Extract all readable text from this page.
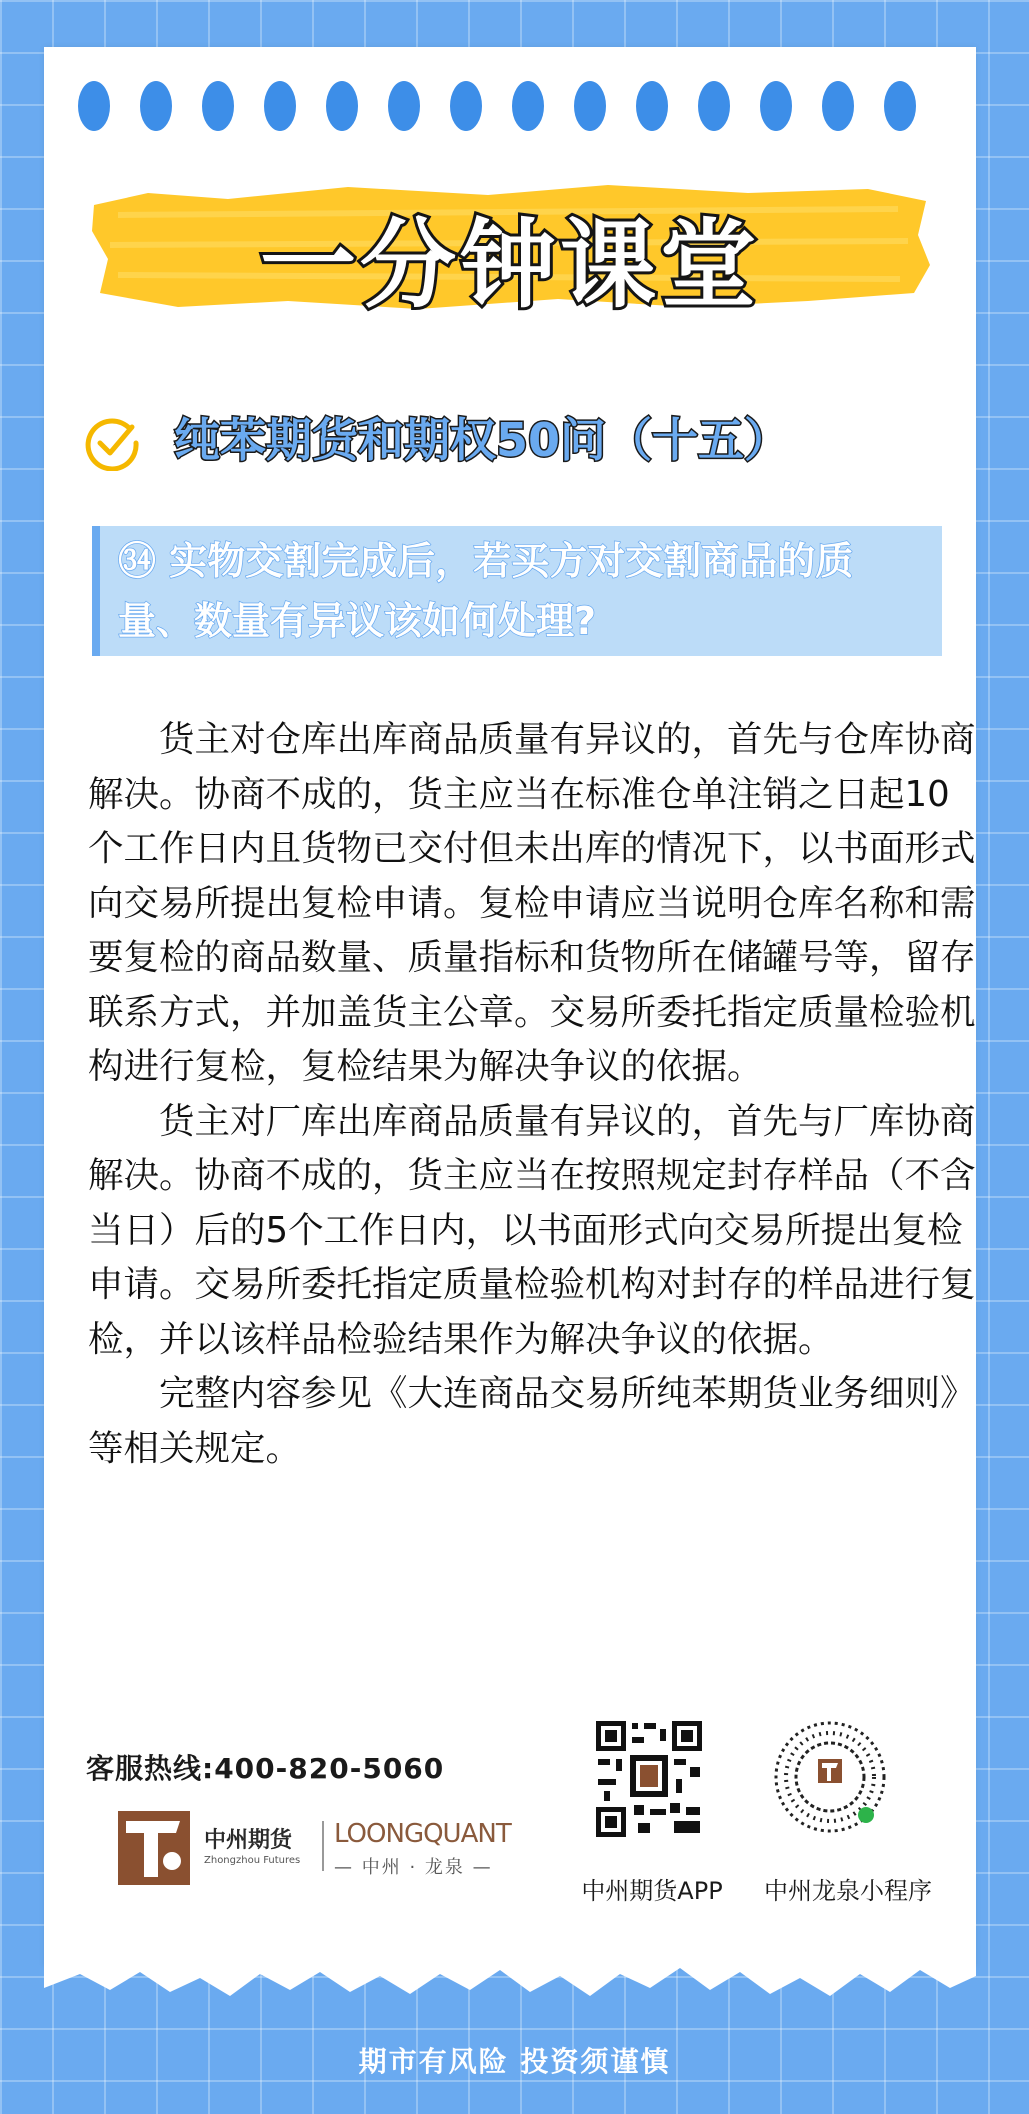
一分钟课堂
纯苯期货和期权50问（十五）
㉞ 实物交割完成后，若买方对交割商品的质量、数量有异议该如何处理?

货主对仓库出库商品质量有异议的，首先与仓库协商解决。协商不成的，货主应当在标准仓单注销之日起10个工作日内且货物已交付但未出库的情况下，以书面形式向交易所提出复检申请。复检申请应当说明仓库名称和需要复检的商品数量、质量指标和货物所在储罐号等，留存联系方式，并加盖货主公章。交易所委托指定质量检验机构进行复检，复检结果为解决争议的依据。

货主对厂库出库商品质量有异议的，首先与厂库协商解决。协商不成的，货主应当在按照规定封存样品（不含当日）后的5个工作日内，以书面形式向交易所提出复检申请。交易所委托指定质量检验机构对封存的样品进行复检，并以该样品检验结果作为解决争议的依据。

完整内容参见《大连商品交易所纯苯期货业务细则》等相关规定。

客服热线:400-820-5060
中州期货
Zhongzhou Futures
LOONGQUANT
— 中州 · 龙泉 —
中州期货APP	中州龙泉小程序
期市有风险 投资须谨慎
